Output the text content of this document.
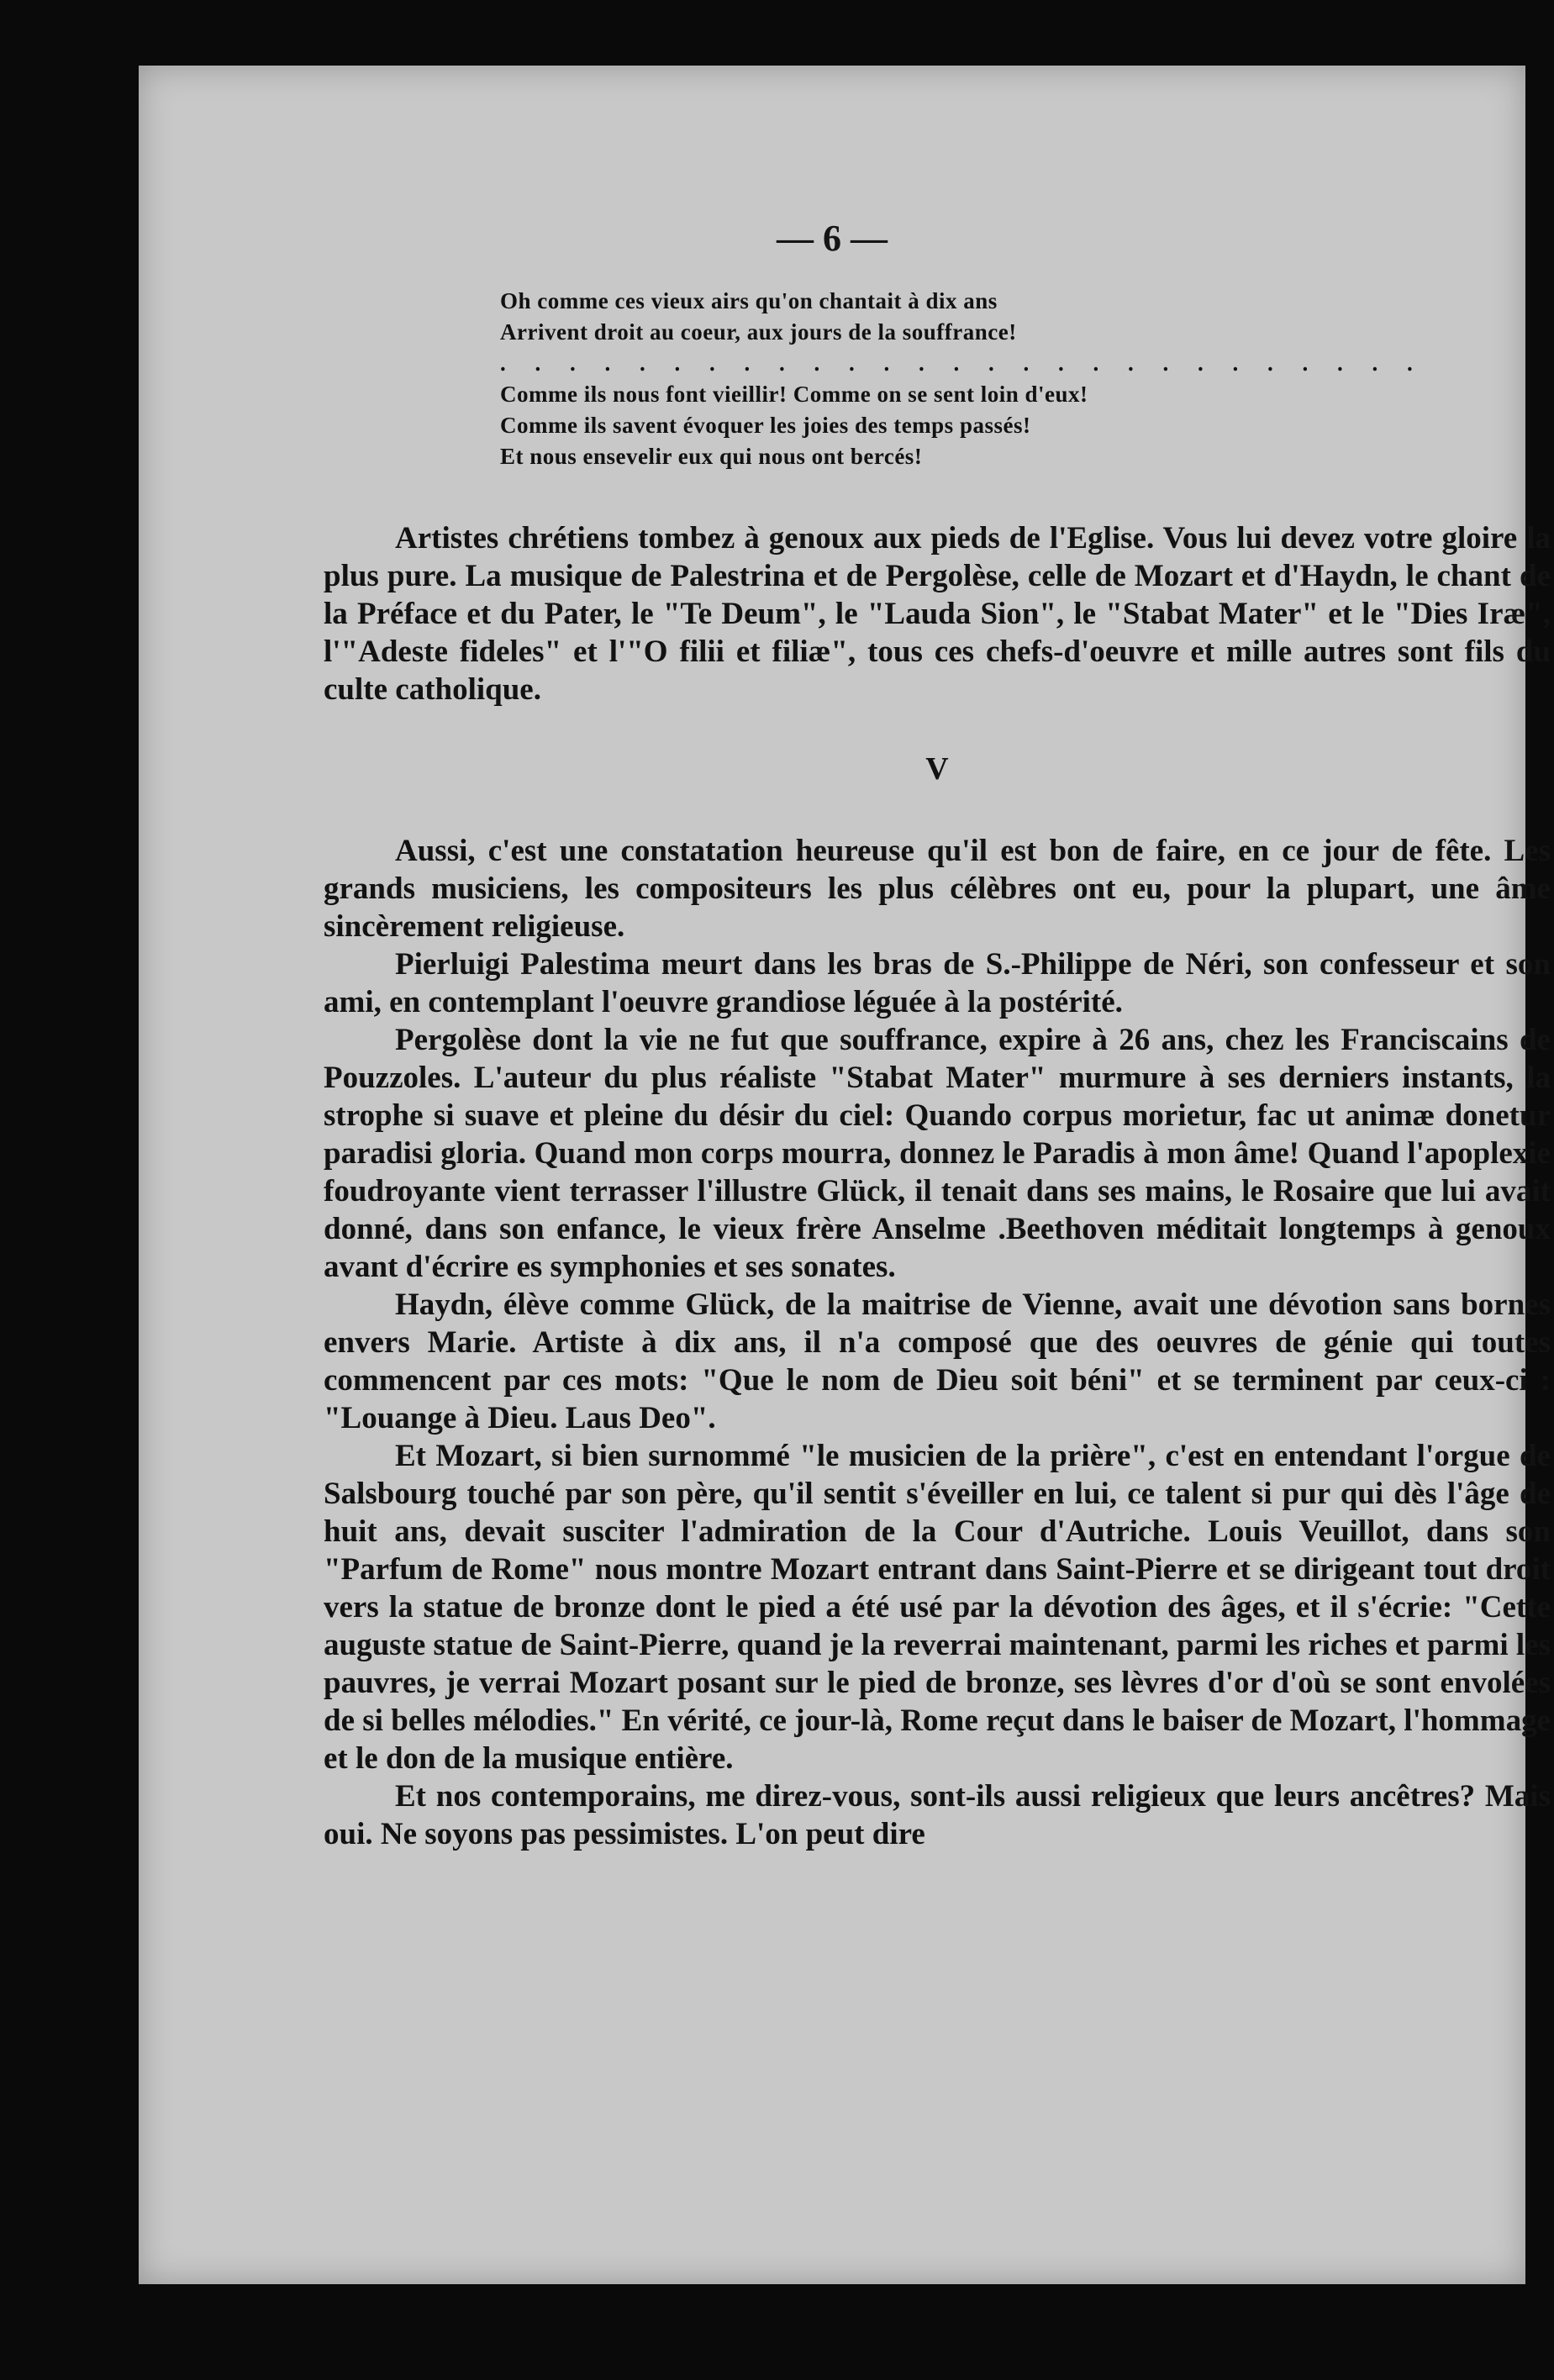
— 6 —
Oh comme ces vieux airs qu'on chantait à dix ans
Arrivent droit au coeur, aux jours de la souffrance!
. . . . . . . . . . . . . . . . . . . . . . . . . . .
Comme ils nous font vieillir! Comme on se sent loin d'eux!
Comme ils savent évoquer les joies des temps passés!
Et nous ensevelir eux qui nous ont bercés!

Artistes chrétiens tombez à genoux aux pieds de l'Eglise. Vous lui devez votre gloire la plus pure. La musique de Palestrina et de Pergolèse, celle de Mozart et d'Haydn, le chant de la Préface et du Pater, le "Te Deum", le "Lauda Sion", le "Stabat Mater" et le "Dies Iræ", l'"Adeste fideles" et l'"O filii et filiæ", tous ces chefs-d'oeuvre et mille autres sont fils du culte catholique.

V

Aussi, c'est une constatation heureuse qu'il est bon de faire, en ce jour de fête. Les grands musiciens, les compositeurs les plus célèbres ont eu, pour la plupart, une âme sincèrement religieuse.

Pierluigi Palestima meurt dans les bras de S.-Philippe de Néri, son confesseur et son ami, en contemplant l'oeuvre grandiose léguée à la postérité.

Pergolèse dont la vie ne fut que souffrance, expire à 26 ans, chez les Franciscains de Pouzzoles. L'auteur du plus réaliste "Stabat Mater" murmure à ses derniers instants, la strophe si suave et pleine du désir du ciel: Quando corpus morietur, fac ut animæ donetur paradisi gloria. Quand mon corps mourra, donnez le Paradis à mon âme! Quand l'apoplexie foudroyante vient terrasser l'illustre Glück, il tenait dans ses mains, le Rosaire que lui avait donné, dans son enfance, le vieux frère Anselme .Beethoven méditait longtemps à genoux avant d'écrire es symphonies et ses sonates.

Haydn, élève comme Glück, de la maitrise de Vienne, avait une dévotion sans bornes envers Marie. Artiste à dix ans, il n'a composé que des oeuvres de génie qui toutes commencent par ces mots: "Que le nom de Dieu soit béni" et se terminent par ceux-ci : "Louange à Dieu. Laus Deo".

Et Mozart, si bien surnommé "le musicien de la prière", c'est en entendant l'orgue de Salsbourg touché par son père, qu'il sentit s'éveiller en lui, ce talent si pur qui dès l'âge de huit ans, devait susciter l'admiration de la Cour d'Autriche. Louis Veuillot, dans son "Parfum de Rome" nous montre Mozart entrant dans Saint-Pierre et se dirigeant tout droit vers la statue de bronze dont le pied a été usé par la dévotion des âges, et il s'écrie: "Cette auguste statue de Saint-Pierre, quand je la reverrai maintenant, parmi les riches et parmi les pauvres, je verrai Mozart posant sur le pied de bronze, ses lèvres d'or d'où se sont envolées de si belles mélodies." En vérité, ce jour-là, Rome reçut dans le baiser de Mozart, l'hommage et le don de la musique entière.

Et nos contemporains, me direz-vous, sont-ils aussi religieux que leurs ancêtres? Mais oui. Ne soyons pas pessimistes. L'on peut dire
